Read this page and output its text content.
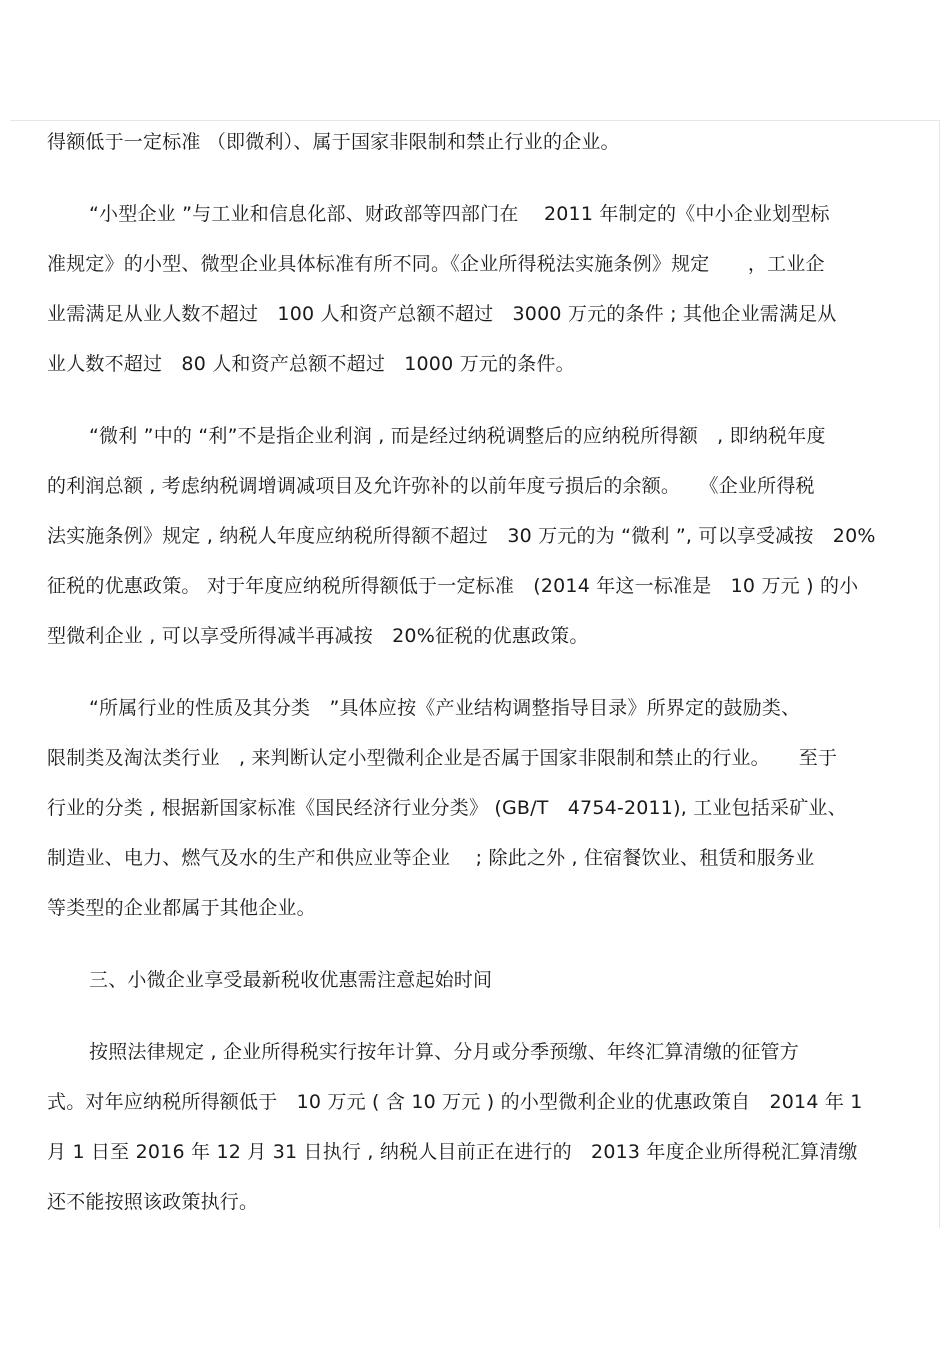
得额低于一定标准 （即微利）、属于国家非限制和禁止行业的企业。
“小型企业 ”与工业和信息化部、财政部等四部门在　 2011 年制定的《中小企业划型标
准规定》的小型、微型企业具体标准有所不同。《企业所得税法实施条例》规定　　，工业企
业需满足从业人数不超过　100 人和资产总额不超过　3000 万元的条件 ; 其他企业需满足从
业人数不超过　80 人和资产总额不超过　1000 万元的条件。
“微利 ”中的 “利”不是指企业利润 , 而是经过纳税调整后的应纳税所得额　, 即纳税年度
的利润总额 , 考虑纳税调增调减项目及允许弥补的以前年度亏损后的余额。　　《企业所得税
法实施条例》规定 , 纳税人年度应纳税所得额不超过　30 万元的为 “微利 ”, 可以享受减按　20%
征税的优惠政策。 对于年度应纳税所得额低于一定标准　(2014 年这一标准是　10 万元 ) 的小
型微利企业 , 可以享受所得减半再减按　20%征税的优惠政策。
“所属行业的性质及其分类　”具体应按《产业结构调整指导目录》所界定的鼓励类、
限制类及淘汰类行业　, 来判断认定小型微利企业是否属于国家非限制和禁止的行业。　　至于
行业的分类 , 根据新国家标准《国民经济行业分类》 (GB/T　4754-2011), 工业包括采矿业、
制造业、电力、燃气及水的生产和供应业等企业　 ; 除此之外 , 住宿餐饮业、租赁和服务业
等类型的企业都属于其他企业。
三、小微企业享受最新税收优惠需注意起始时间
按照法律规定 , 企业所得税实行按年计算、分月或分季预缴、年终汇算清缴的征管方
式。对年应纳税所得额低于　10 万元 ( 含 10 万元 ) 的小型微利企业的优惠政策自　2014 年 1
月 1 日至 2016 年 12 月 31 日执行 , 纳税人目前正在进行的　2013 年度企业所得税汇算清缴
还不能按照该政策执行。
